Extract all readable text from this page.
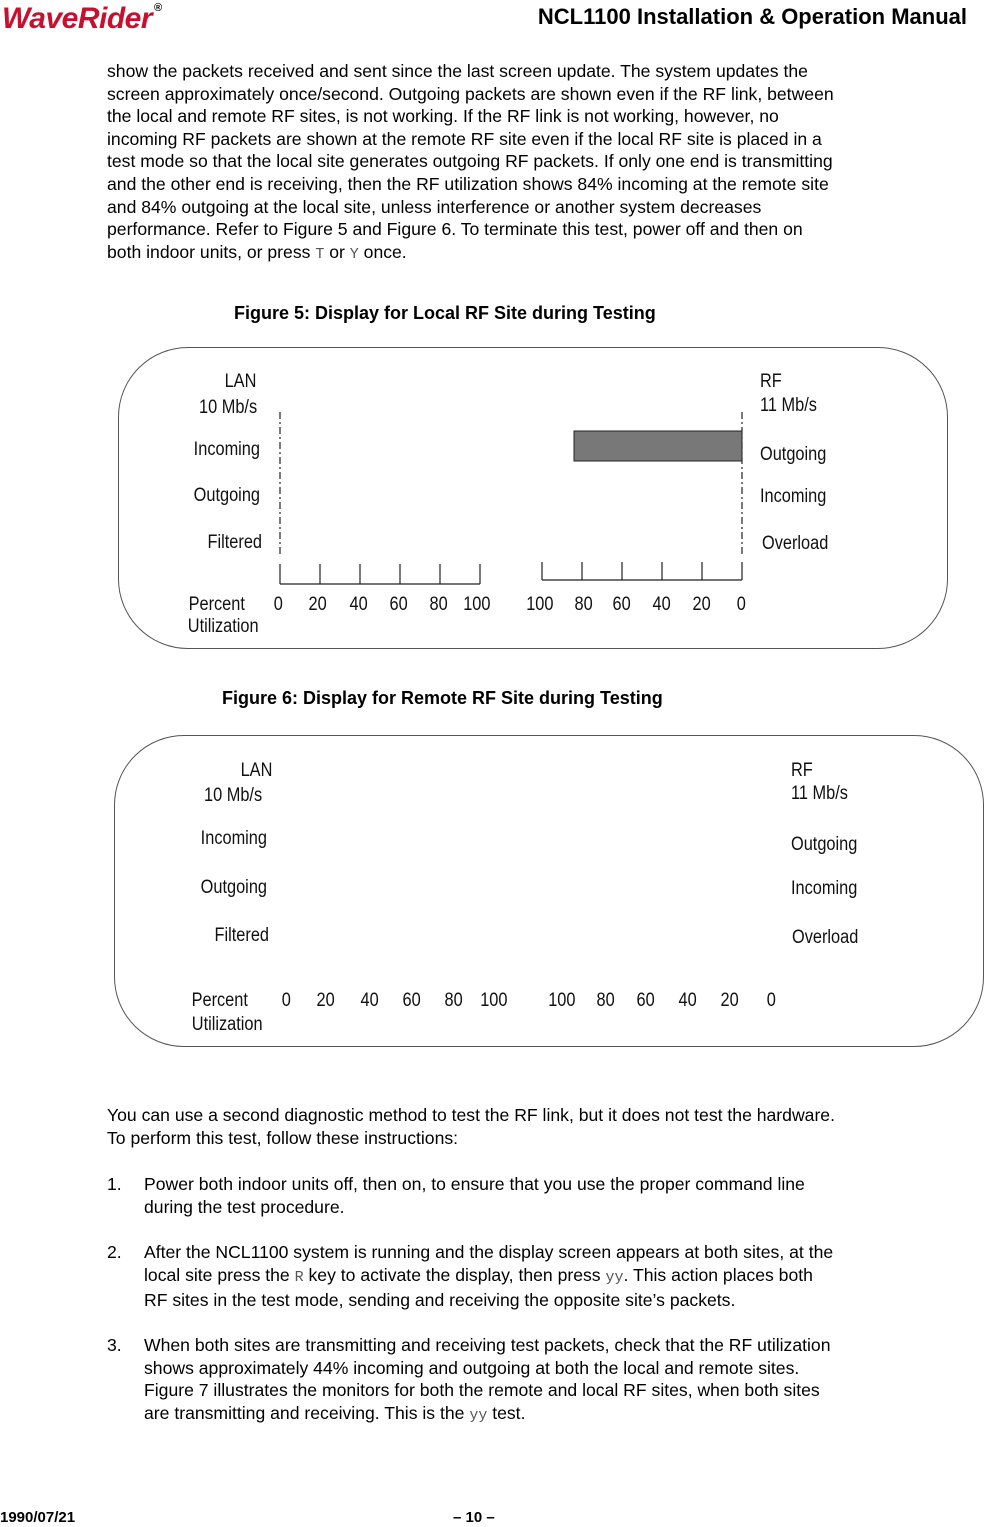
WaveRider ®	NCL1100 Installation & Operation Manual
show the packets received and sent since the last screen update. The system updates the
screen approximately once/second. Outgoing packets are shown even if the RF link, between
the local and remote RF sites, is not working. If the RF link is not working, however, no
incoming RF packets are shown at the remote RF site even if the local RF site is placed in a
test mode so that the local site generates outgoing RF packets. If only one end is transmitting
and the other end is receiving, then the RF utilization shows 84% incoming at the remote site
and 84% outgoing at the local site, unless interference or another system decreases
performance. Refer to Figure 5 and Figure 6. To terminate this test, power off and then on
both indoor units, or press T or Y once.
Figure 5: Display for Local RF Site during Testing
LAN
10 Mb/s
Incoming
Outgoing
Filtered
RF
11 Mb/s
Outgoing
Incoming
Overload
Percent
Utilization
0 20 40 60 80 100 100 80 60 40 20 0
Figure 6: Display for Remote RF Site during Testing
LAN
10 Mb/s
Incoming
Outgoing
Filtered
RF
11 Mb/s
Outgoing
Incoming
Overload
Percent
Utilization
0 20 40 60 80 100 100 80 60 40 20 0
You can use a second diagnostic method to test the RF link, but it does not test the hardware.
To perform this test, follow these instructions:
1. Power both indoor units off, then on, to ensure that you use the proper command line
during the test procedure.
2. After the NCL1100 system is running and the display screen appears at both sites, at the
local site press the R key to activate the display, then press yy. This action places both
RF sites in the test mode, sending and receiving the opposite site’s packets.
3. When both sites are transmitting and receiving test packets, check that the RF utilization
shows approximately 44% incoming and outgoing at both the local and remote sites.
Figure 7 illustrates the monitors for both the remote and local RF sites, when both sites
are transmitting and receiving. This is the yy test.
1990/07/21	– 10 –
